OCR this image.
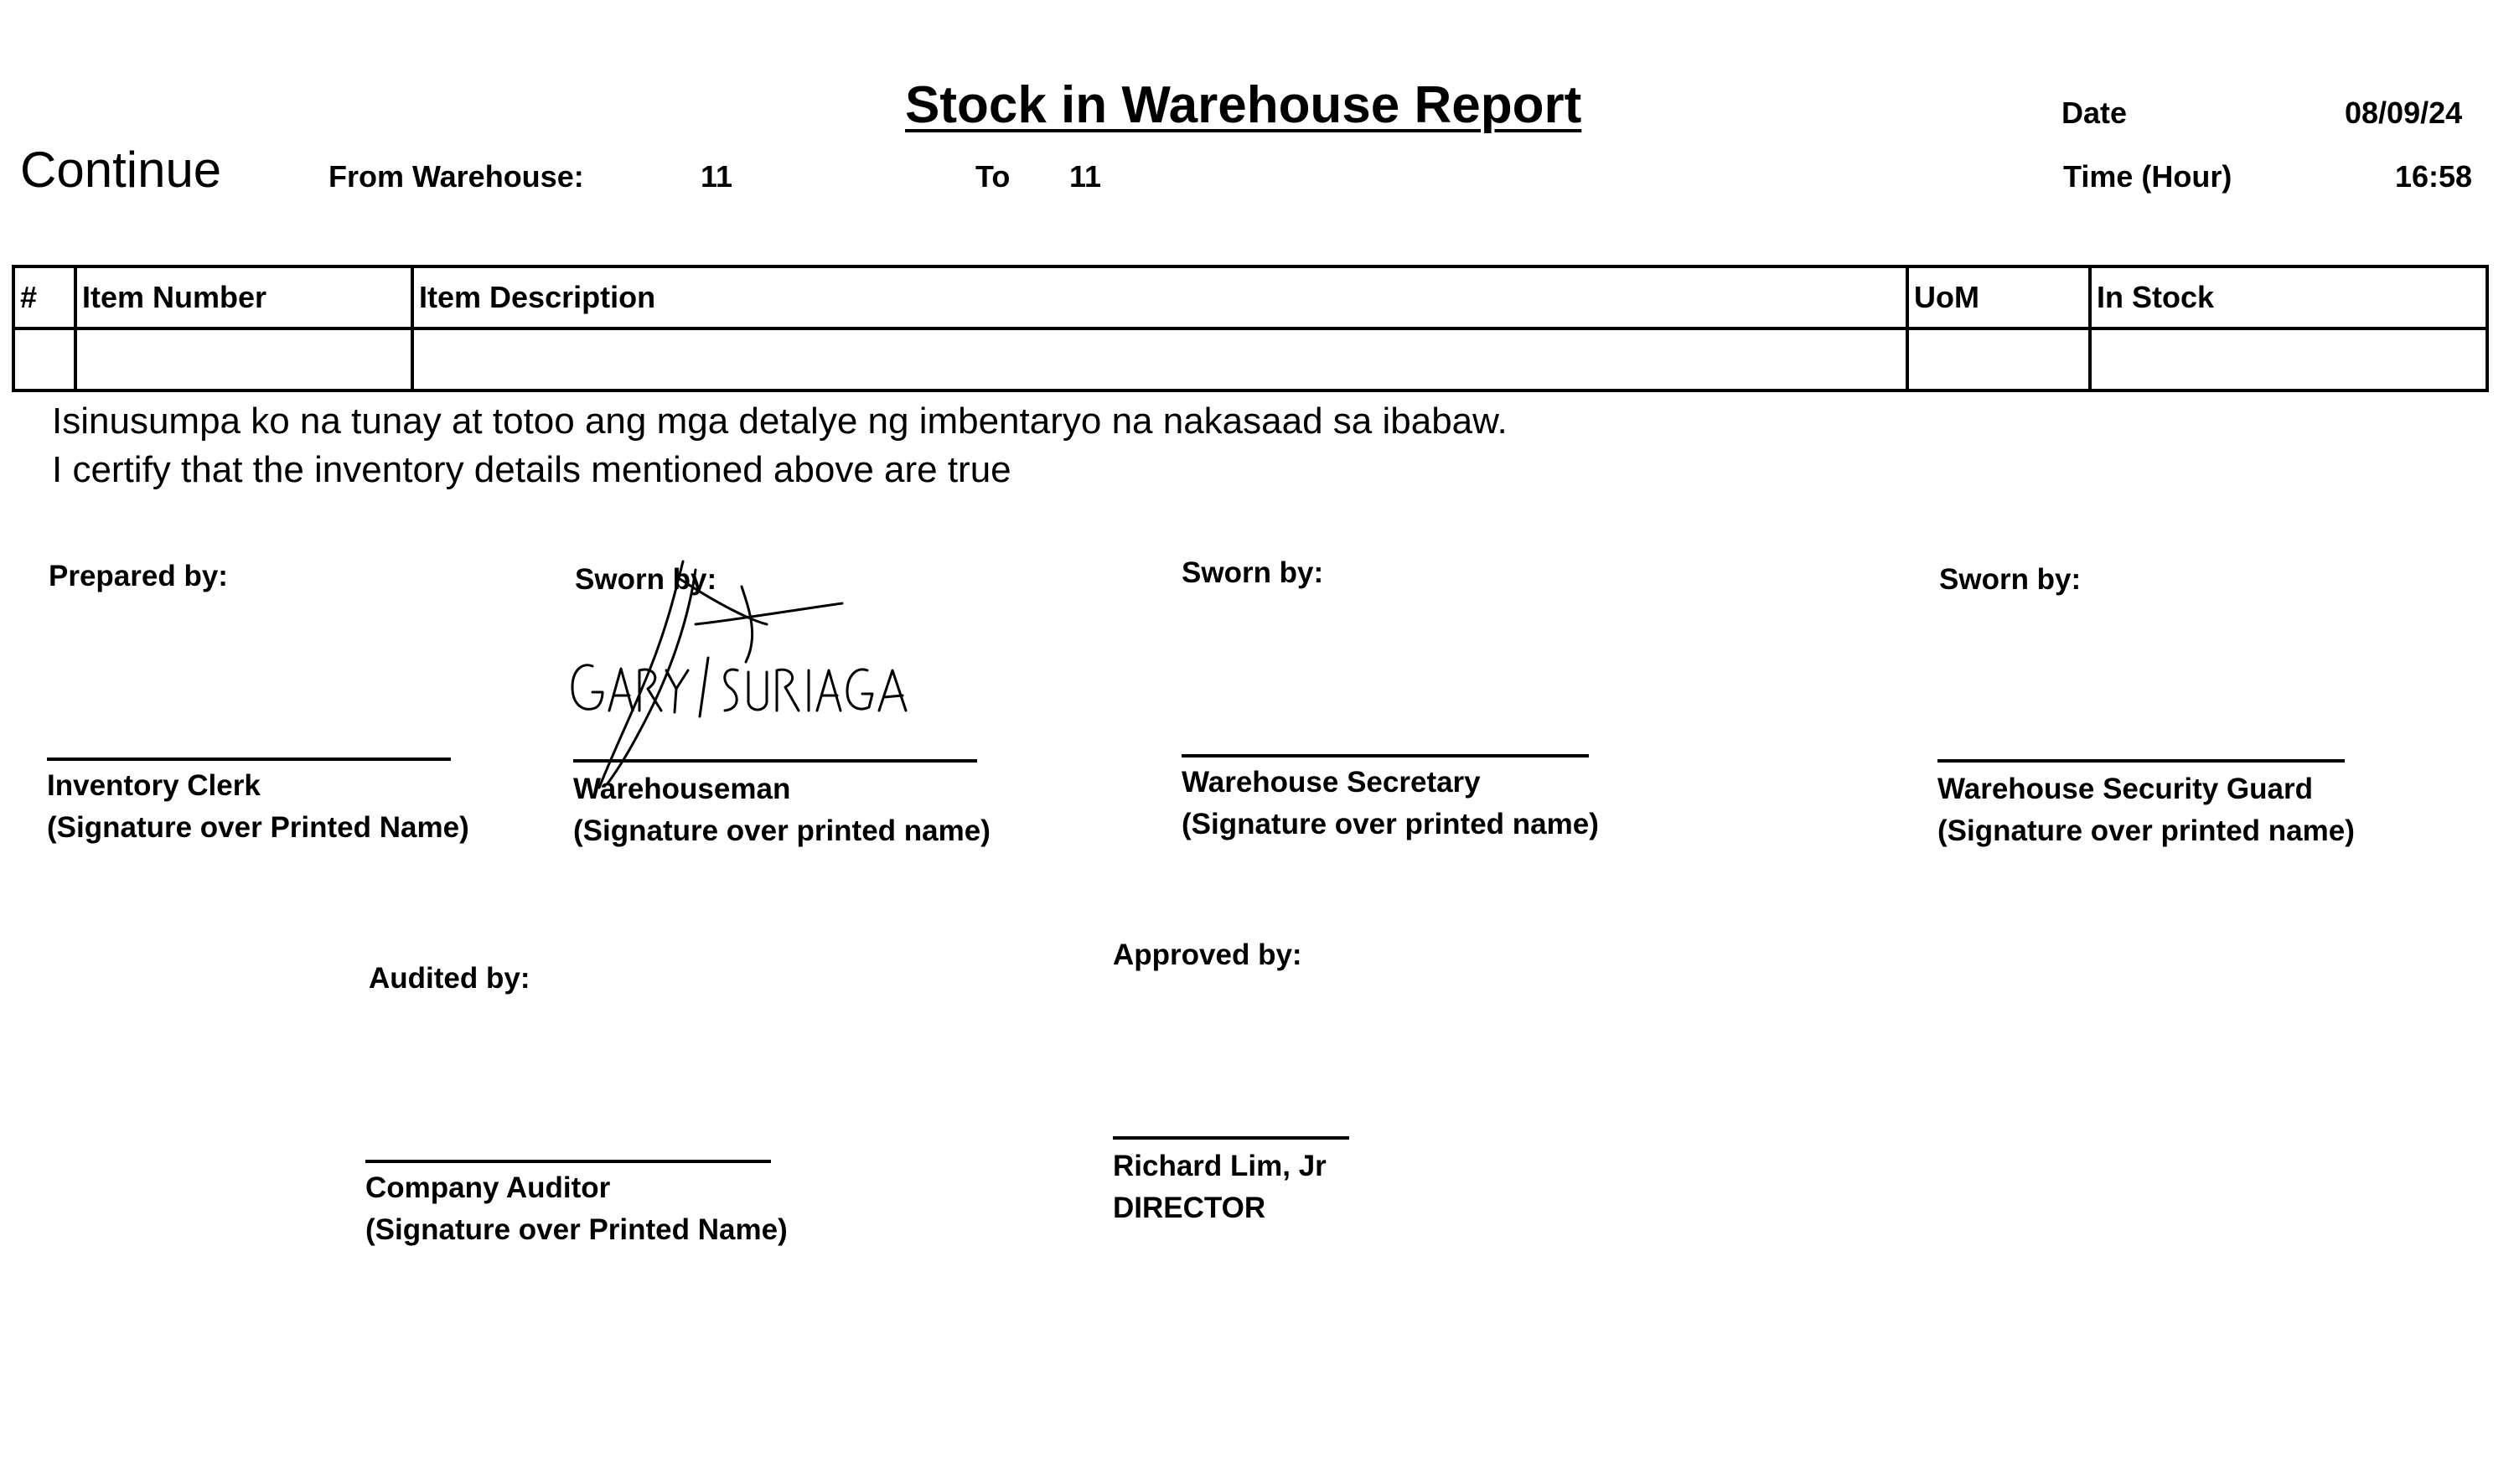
Stock in Warehouse Report
Continue	From Warehouse:	11	To 11
Date	08/09/24
Time (Hour)	16:58
#	Item Number	Item Description	UoM	In Stock

Isinusumpa ko na tunay at totoo ang mga detalye ng imbentaryo na nakasaad sa ibabaw.
I certify that the inventory details mentioned above are true
Prepared by:
Inventory Clerk
(Signature over Printed Name)
Sworn by:
Warehouseman
(Signature over printed name)
Sworn by:
Warehouse Secretary
(Signature over printed name)
Sworn by:
Warehouse Security Guard
(Signature over printed name)
Audited by:
Company Auditor
(Signature over Printed Name)
Approved by:
Richard Lim, Jr
DIRECTOR
